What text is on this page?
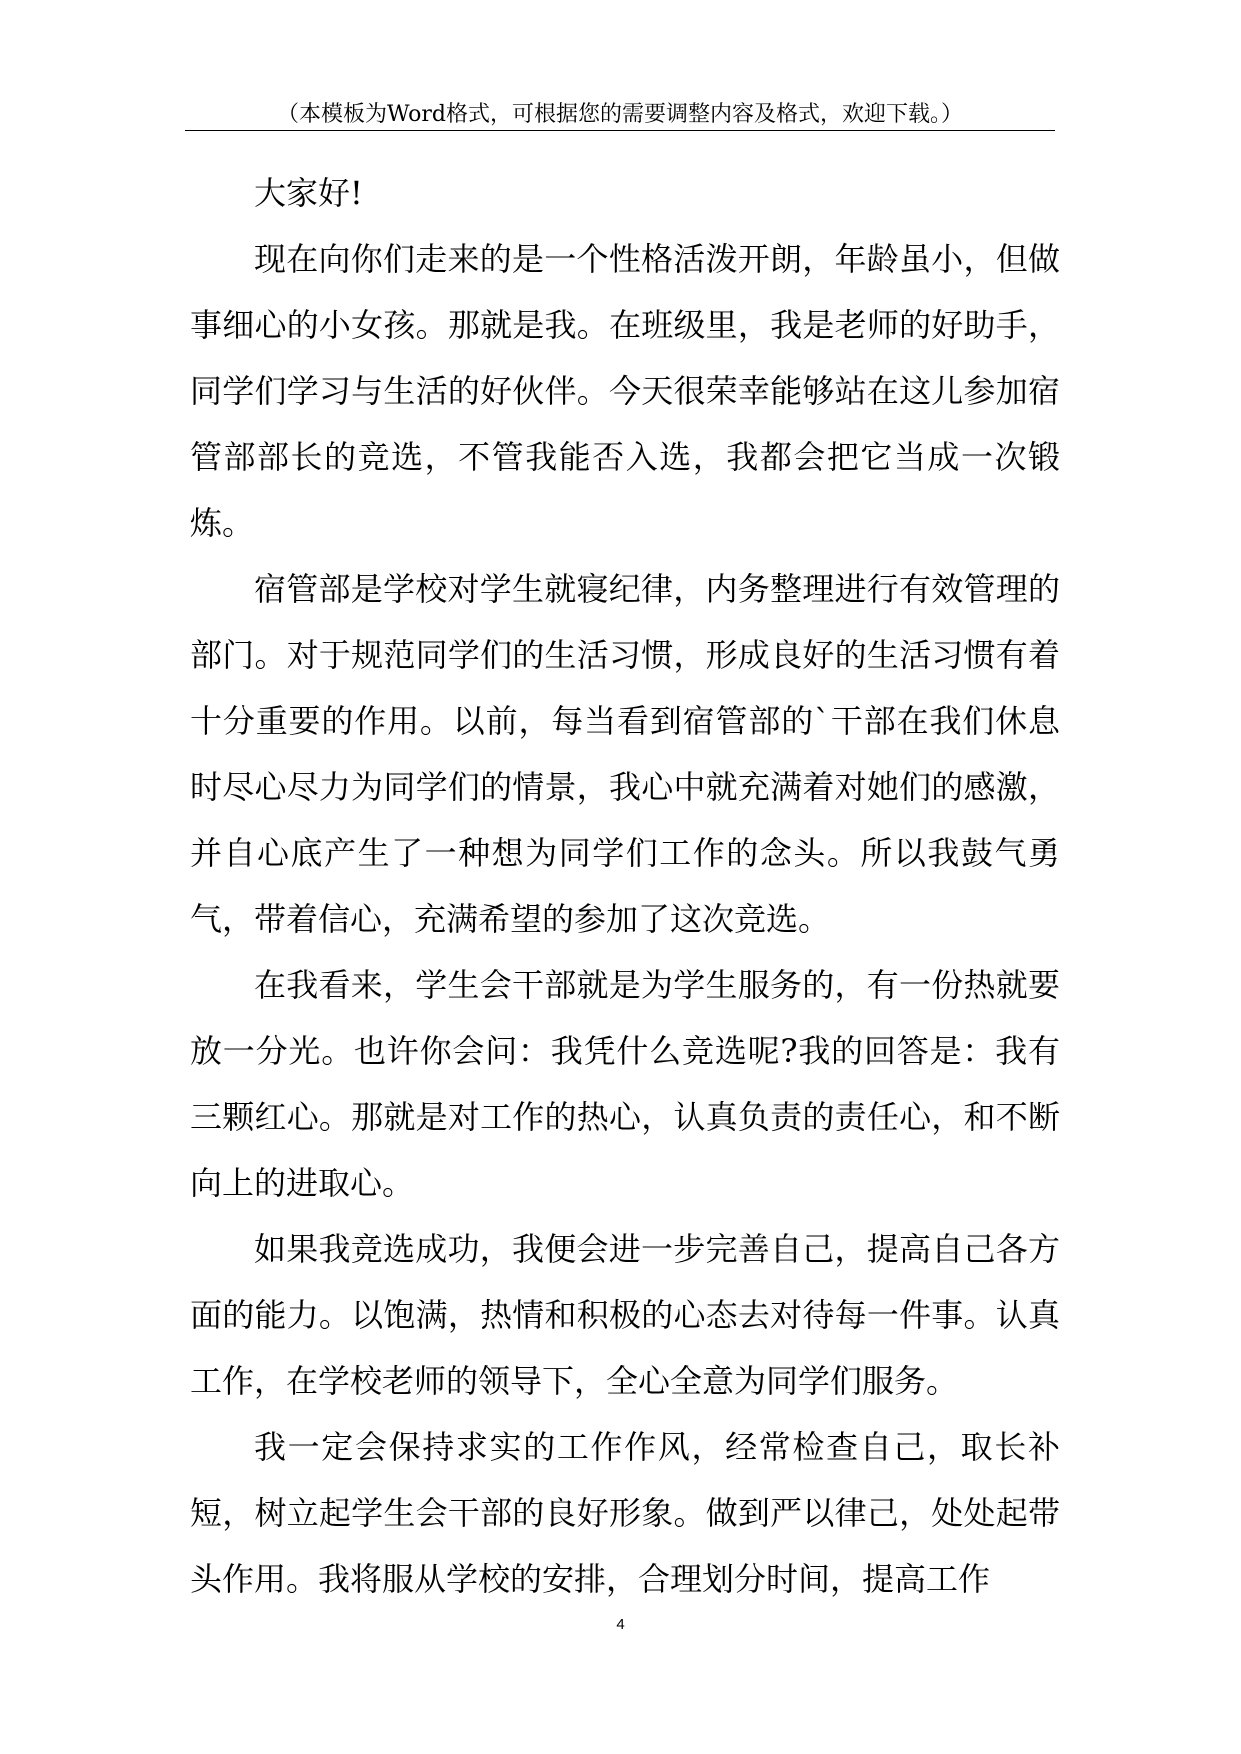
（本模板为Word格式，可根据您的需要调整内容及格式，欢迎下载。）

大家好!

现在向你们走来的是一个性格活泼开朗，年龄虽小，但做事细心的小女孩。那就是我。在班级里，我是老师的好助手，同学们学习与生活的好伙伴。今天很荣幸能够站在这儿参加宿管部部长的竞选，不管我能否入选，我都会把它当成一次锻炼。

宿管部是学校对学生就寝纪律，内务整理进行有效管理的部门。对于规范同学们的生活习惯，形成良好的生活习惯有着十分重要的作用。以前，每当看到宿管部的`干部在我们休息时尽心尽力为同学们的情景，我心中就充满着对她们的感激，并自心底产生了一种想为同学们工作的念头。所以我鼓气勇气，带着信心，充满希望的参加了这次竞选。

在我看来，学生会干部就是为学生服务的，有一份热就要放一分光。也许你会问：我凭什么竞选呢?我的回答是：我有三颗红心。那就是对工作的热心，认真负责的责任心，和不断向上的进取心。

如果我竞选成功，我便会进一步完善自己，提高自己各方面的能力。以饱满，热情和积极的心态去对待每一件事。认真工作，在学校老师的领导下，全心全意为同学们服务。

我一定会保持求实的工作作风，经常检查自己，取长补短，树立起学生会干部的良好形象。做到严以律己，处处起带头作用。我将服从学校的安排，合理划分时间，提高工作

4
